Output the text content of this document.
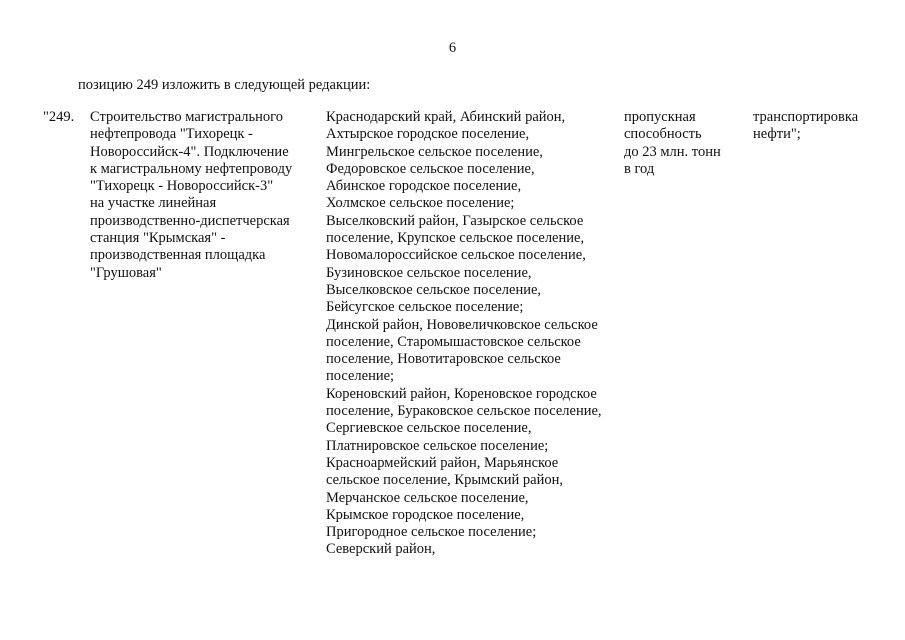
6
позицию 249 изложить в следующей редакции:
"249. Строительство магистрального
нефтепровода "Тихорецк -
Новороссийск-4". Подключение
к магистральному нефтепроводу
"Тихорецк - Новороссийск-3"
на участке линейная
производственно-диспетчерская
станция "Крымская" -
производственная площадка
"Грушовая"
Краснодарский край, Абинский район,
Ахтырское городское поселение,
Мингрельское сельское поселение,
Федоровское сельское поселение,
Абинское городское поселение,
Холмское сельское поселение;
Выселковский район, Газырское сельское
поселение, Крупское сельское поселение,
Новомалороссийское сельское поселение,
Бузиновское сельское поселение,
Выселковское сельское поселение,
Бейсугское сельское поселение;
Динской район, Нововеличковское сельское
поселение, Старомышастовское сельское
поселение, Новотитаровское сельское
поселение;
Кореновский район, Кореновское городское
поселение, Бураковское сельское поселение,
Сергиевское сельское поселение,
Платнировское сельское поселение;
Красноармейский район, Марьянское
сельское поселение, Крымский район,
Мерчанское сельское поселение,
Крымское городское поселение,
Пригородное сельское поселение;
Северский район,
пропускная
способность
до 23 млн. тонн
в год
транспортировка
нефти";
